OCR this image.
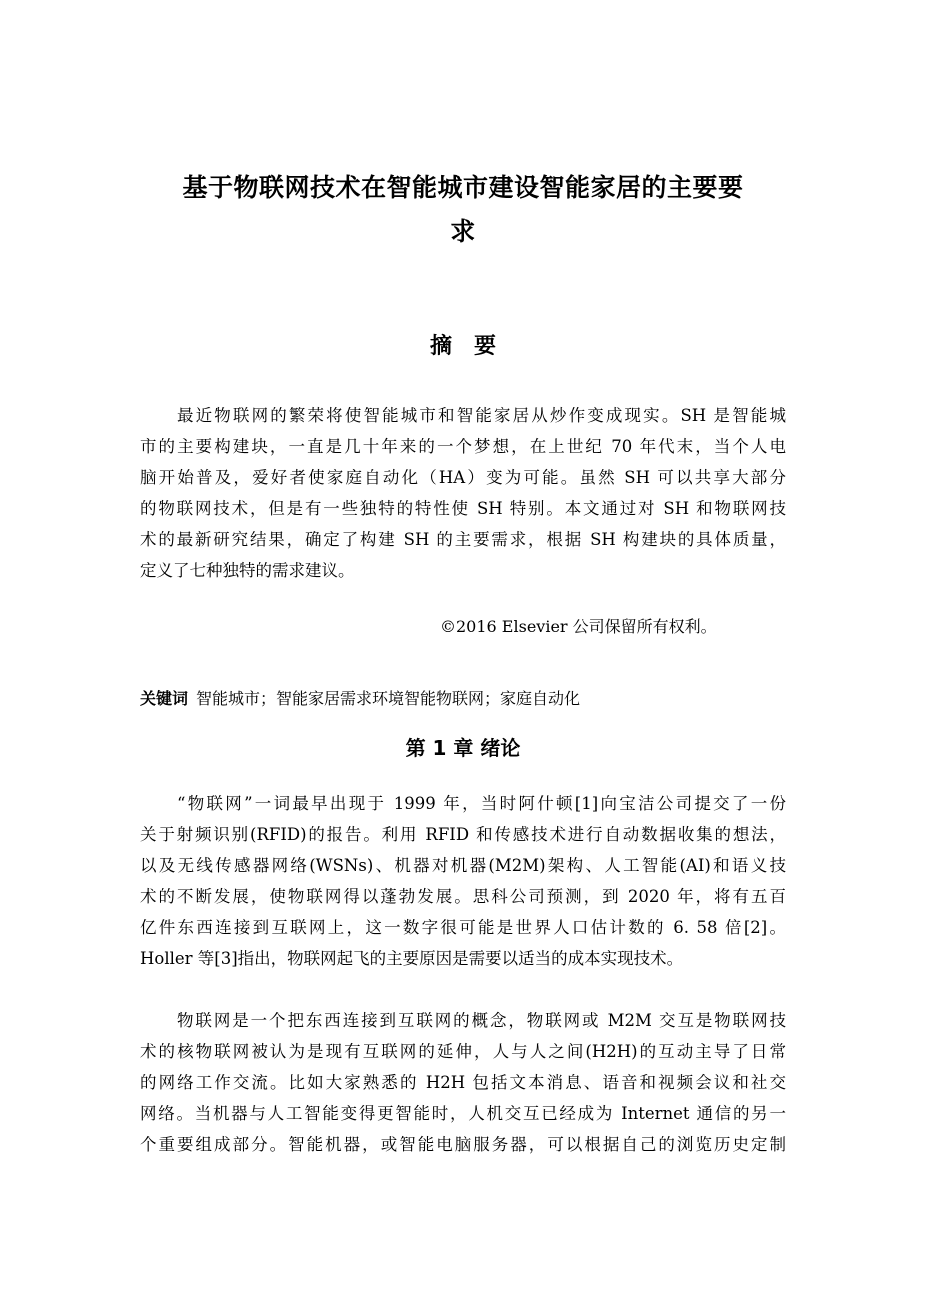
基于物联网技术在智能城市建设智能家居的主要要
求
摘　要
最近物联网的繁荣将使智能城市和智能家居从炒作变成现实。SH 是智能城
市的主要构建块，一直是几十年来的一个梦想，在上世纪 70 年代末，当个人电
脑开始普及，爱好者使家庭自动化（HA）变为可能。虽然 SH 可以共享大部分
的物联网技术，但是有一些独特的特性使 SH 特别。本文通过对 SH 和物联网技
术的最新研究结果，确定了构建 SH 的主要需求，根据 SH 构建块的具体质量，
定义了七种独特的需求建议。
©2016 Elsevier 公司保留所有权利。
关键词 智能城市；智能家居需求环境智能物联网；家庭自动化
第 1 章 绪论
“物联网”一词最早出现于 1999 年，当时阿什顿[1]向宝洁公司提交了一份
关于射频识别(RFID)的报告。利用 RFID 和传感技术进行自动数据收集的想法，
以及无线传感器网络(WSNs)、机器对机器(M2M)架构、人工智能(AI)和语义技
术的不断发展，使物联网得以蓬勃发展。思科公司预测，到 2020 年，将有五百
亿件东西连接到互联网上，这一数字很可能是世界人口估计数的 6. 58 倍[2]。
Holler 等[3]指出，物联网起飞的主要原因是需要以适当的成本实现技术。
物联网是一个把东西连接到互联网的概念，物联网或 M2M 交互是物联网技
术的核物联网被认为是现有互联网的延伸，人与人之间(H2H)的互动主导了日常
的网络工作交流。比如大家熟悉的 H2H 包括文本消息、语音和视频会议和社交
网络。当机器与人工智能变得更智能时，人机交互已经成为 Internet 通信的另一
个重要组成部分。智能机器，或智能电脑服务器，可以根据自己的浏览历史定制
